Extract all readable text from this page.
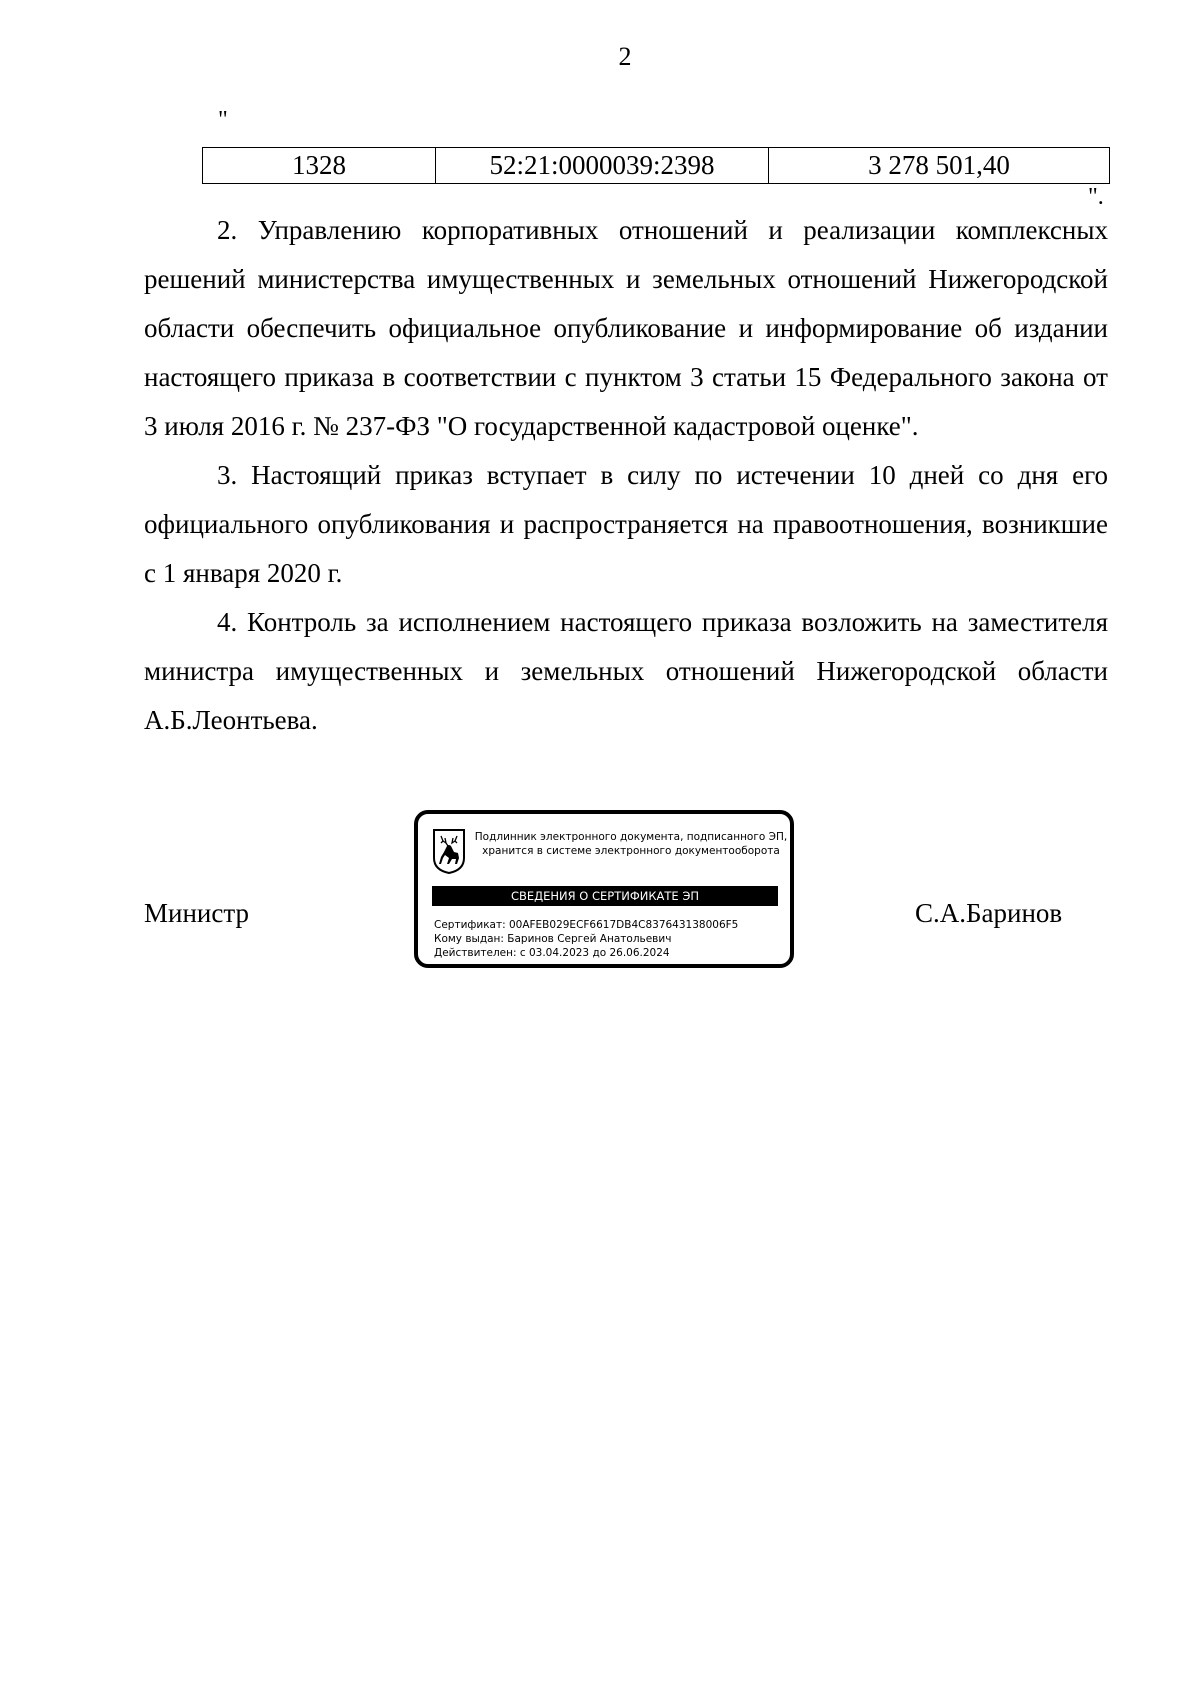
2
"
1328	52:21:0000039:2398	3 278 501,40
".

2. Управлению корпоративных отношений и реализации комплексных решений министерства имущественных и земельных отношений Нижегородской области обеспечить официальное опубликование и информирование об издании настоящего приказа в соответствии с пунктом 3 статьи 15 Федерального закона от 3 июля 2016 г. № 237-ФЗ "О государственной кадастровой оценке".

3. Настоящий приказ вступает в силу по истечении 10 дней со дня его официального опубликования и распространяется на правоотношения, возникшие с 1 января 2020 г.

4. Контроль за исполнением настоящего приказа возложить на заместителя министра имущественных и земельных отношений Нижегородской области А.Б.Леонтьева.

Министр
Подлинник электронного документа, подписанного ЭП,
хранится в системе электронного документооборота
СВЕДЕНИЯ О СЕРТИФИКАТЕ ЭП
Сертификат: 00AFEB029ECF6617DB4C837643138006F5
Кому выдан: Баринов Сергей Анатольевич
Действителен: с 03.04.2023 до 26.06.2024
С.А.Баринов
